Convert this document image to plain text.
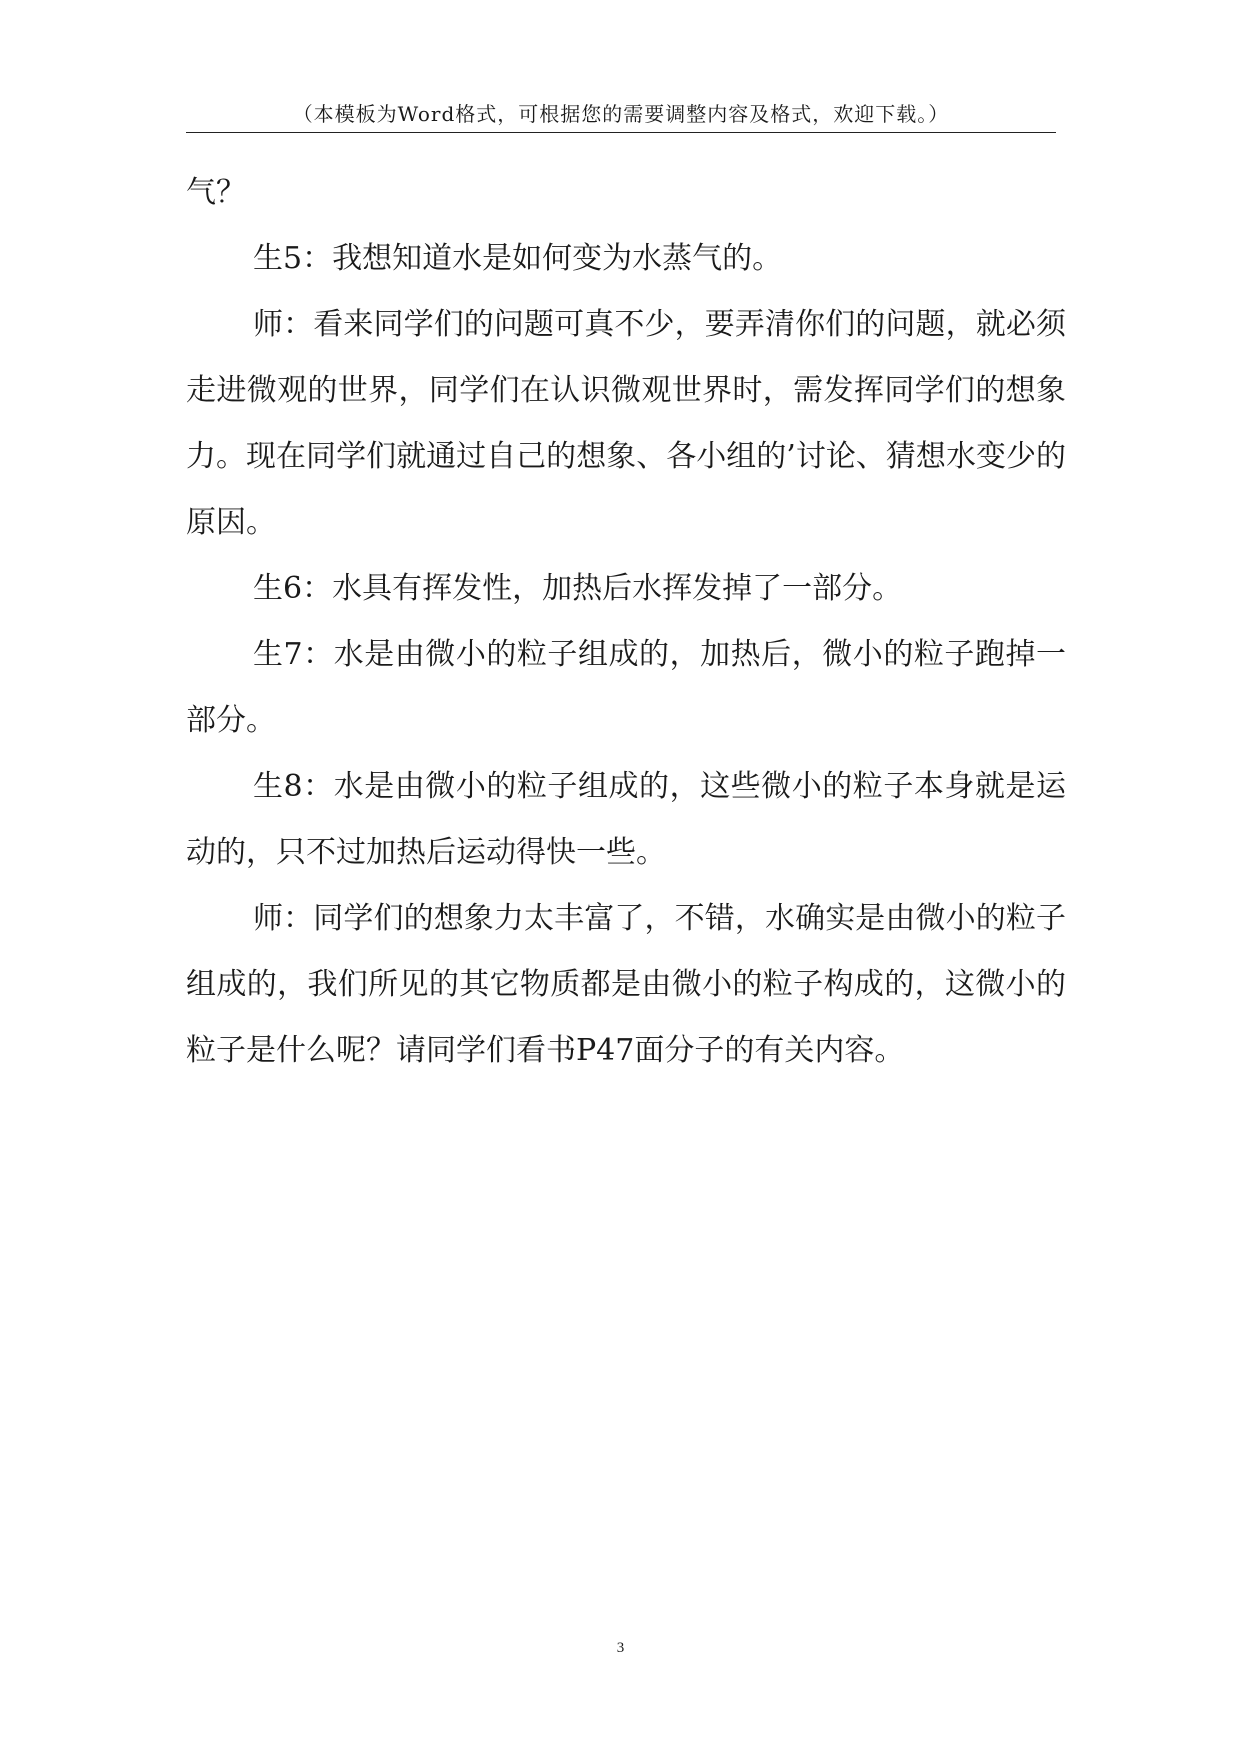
（本模板为Word格式，可根据您的需要调整内容及格式，欢迎下载。）

气？

生5：我想知道水是如何变为水蒸气的。

师：看来同学们的问题可真不少，要弄清你们的问题，就必须走进微观的世界，同学们在认识微观世界时，需发挥同学们的想象力。现在同学们就通过自己的想象、各小组的’讨论、猜想水变少的原因。

生6：水具有挥发性，加热后水挥发掉了一部分。

生7：水是由微小的粒子组成的，加热后，微小的粒子跑掉一部分。

生8：水是由微小的粒子组成的，这些微小的粒子本身就是运动的，只不过加热后运动得快一些。

师：同学们的想象力太丰富了，不错，水确实是由微小的粒子组成的，我们所见的其它物质都是由微小的粒子构成的，这微小的粒子是什么呢？请同学们看书P47面分子的有关内容。

3
